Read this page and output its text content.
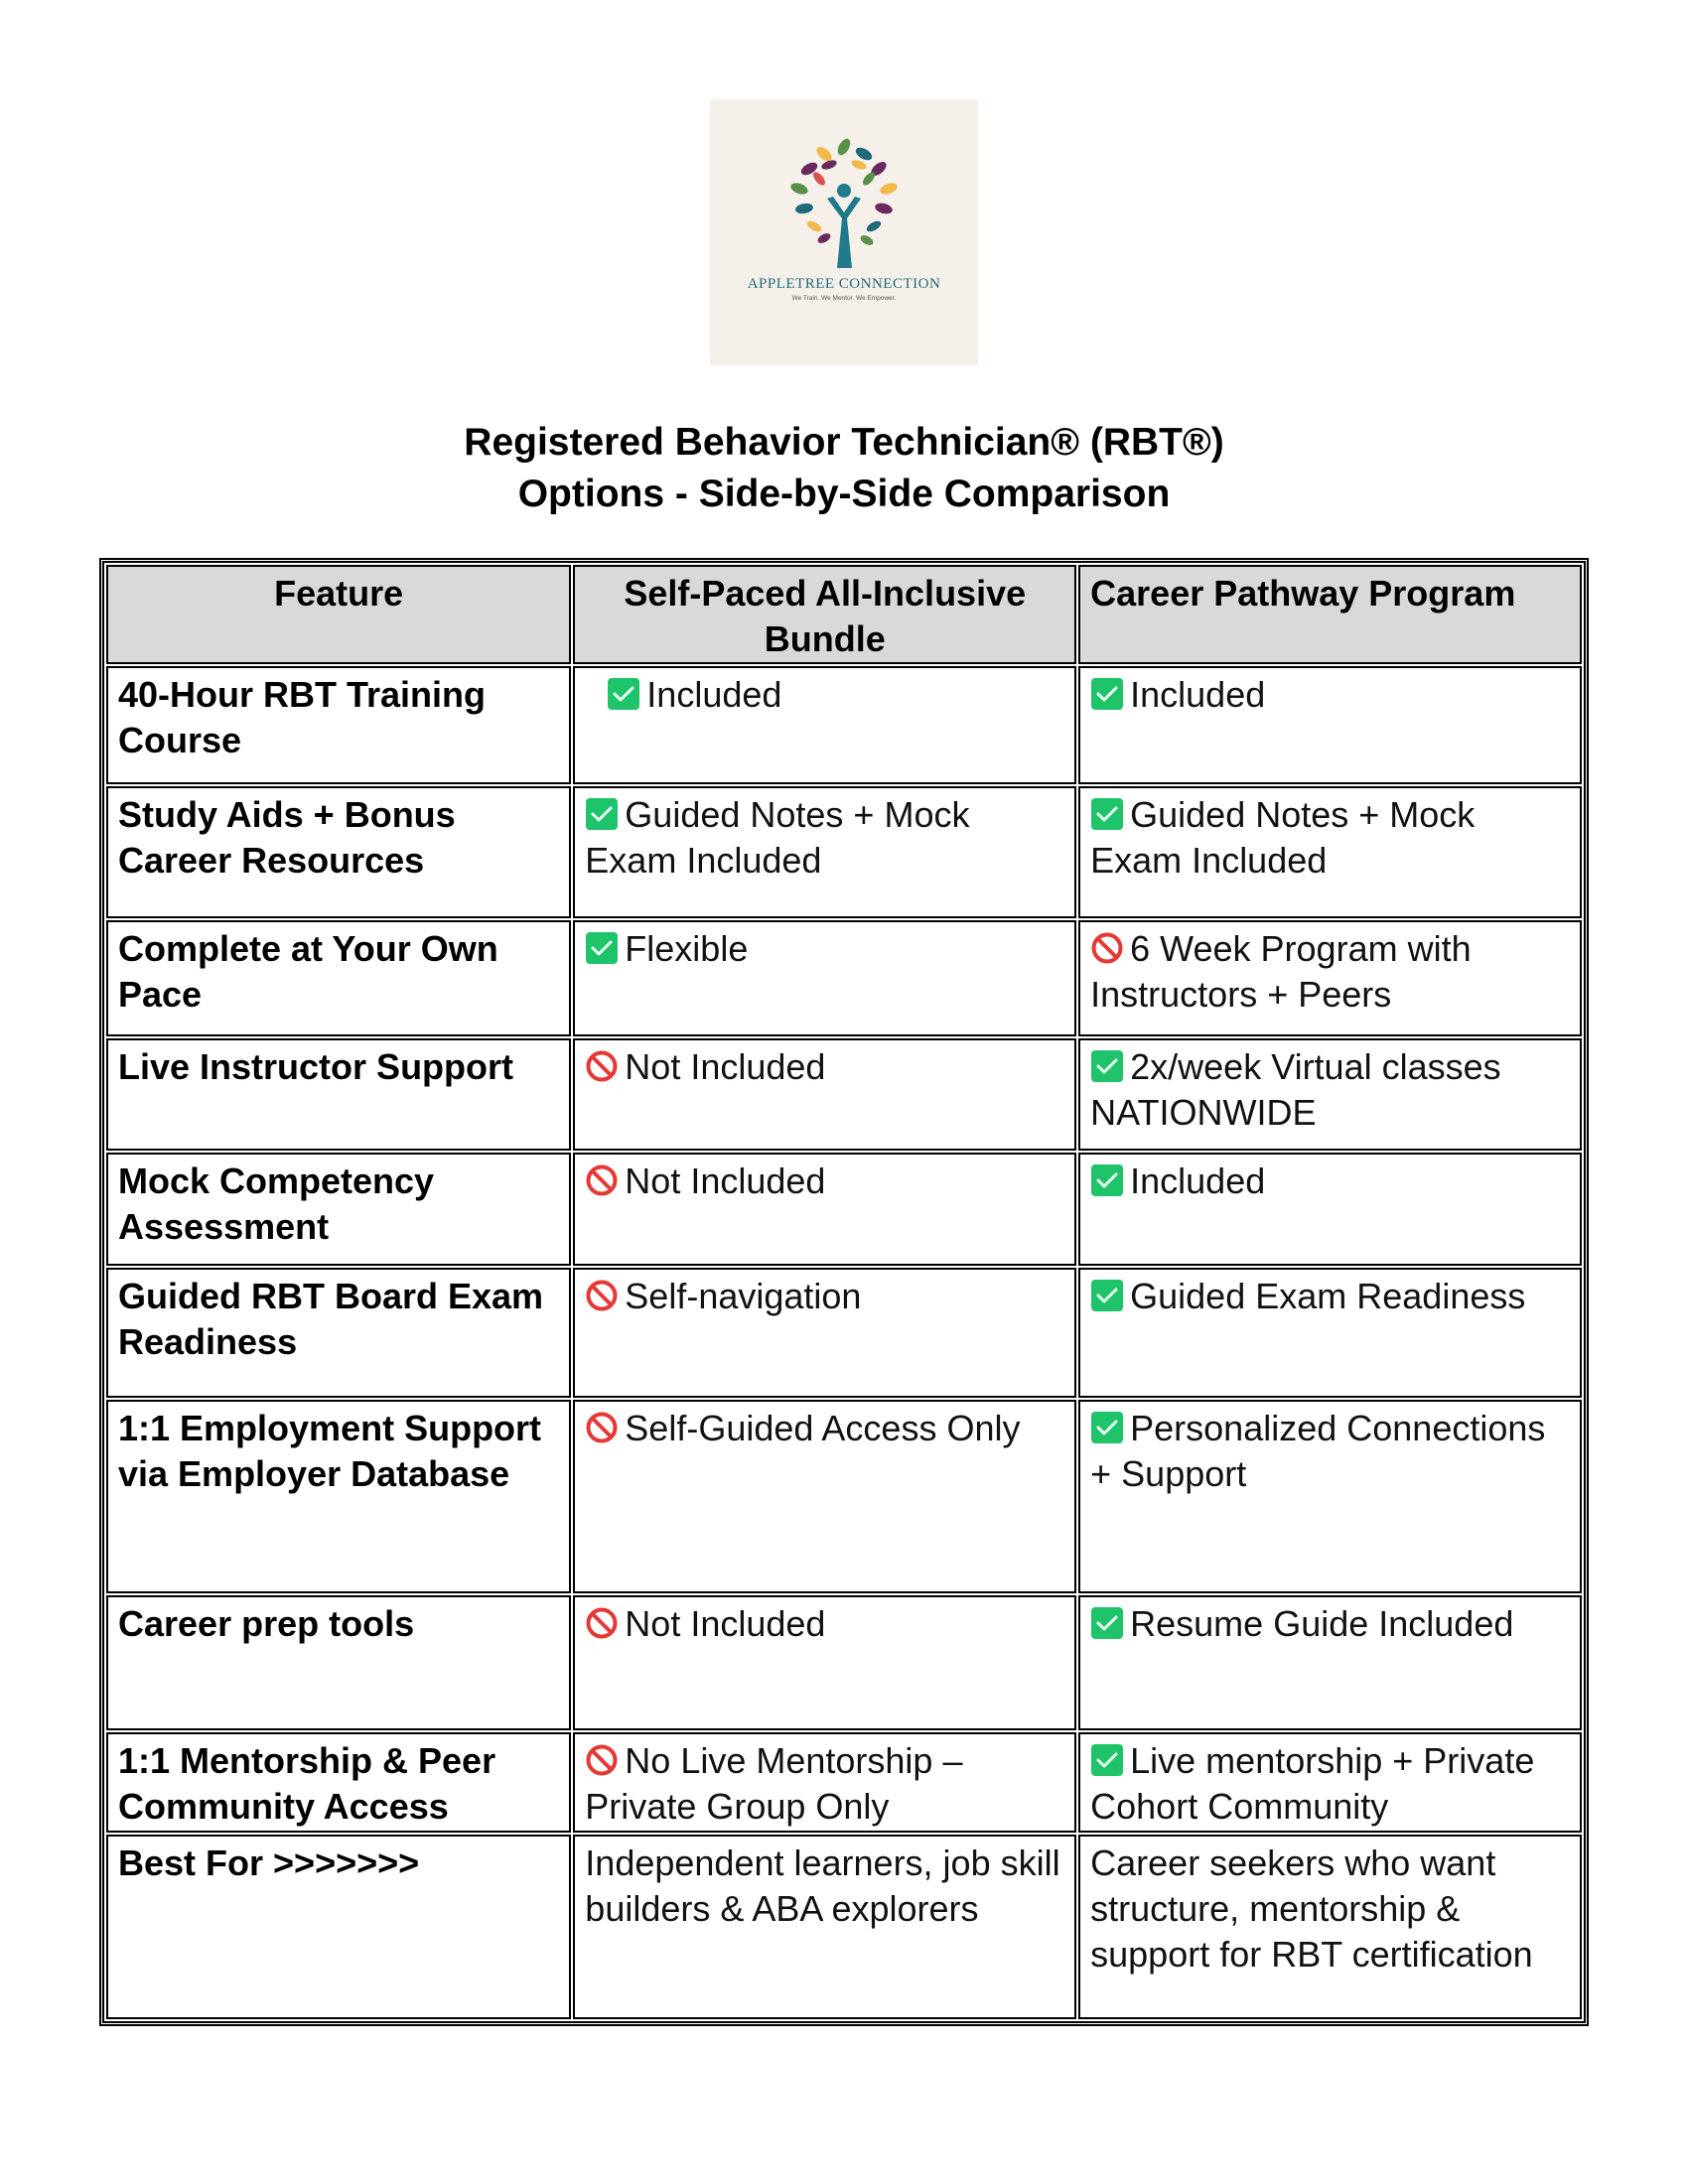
APPLETREE CONNECTION
We Train. We Mentor. We Empower.
Registered Behavior Technician® (RBT®)
Options - Side-by-Side Comparison
Feature	Self-Paced All-Inclusive Bundle	Career Pathway Program
40-Hour RBT Training Course	Included	Included
Study Aids + Bonus Career Resources	Guided Notes + Mock Exam Included	Guided Notes + Mock Exam Included
Complete at Your Own Pace	Flexible	6 Week Program with Instructors + Peers
Live Instructor Support	Not Included	2x/week Virtual classes NATIONWIDE
Mock Competency Assessment	Not Included	Included
Guided RBT Board Exam Readiness	Self-navigation	Guided Exam Readiness
1:1 Employment Support via Employer Database	Self-Guided Access Only	Personalized Connections + Support
Career prep tools	Not Included	Resume Guide Included
1:1 Mentorship & Peer Community Access	No Live Mentorship – Private Group Only	Live mentorship + Private Cohort Community
Best For >>>>>>>	Independent learners, job skill builders & ABA explorers	Career seekers who want structure, mentorship & support for RBT certification
